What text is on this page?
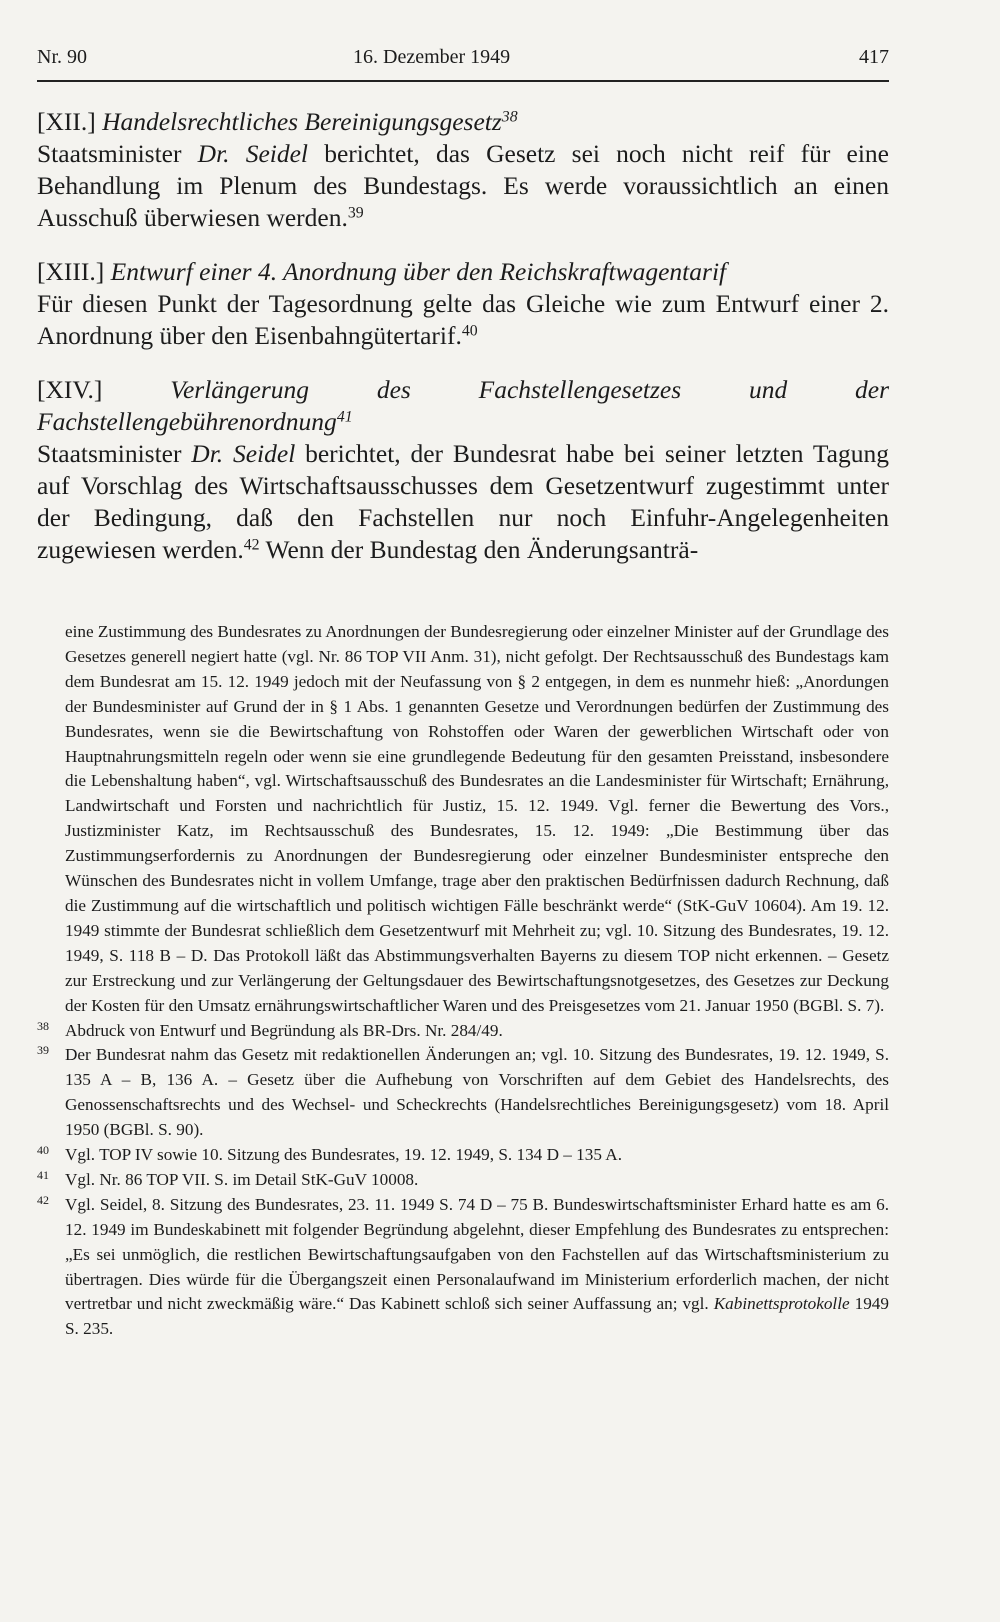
Nr. 90	16. Dezember 1949	417

[XII.] Handelsrechtliches Bereinigungsgesetz$^{38}$

Staatsminister Dr. Seidel berichtet, das Gesetz sei noch nicht reif für eine Behandlung im Plenum des Bundestags. Es werde voraussichtlich an einen Ausschuß überwiesen werden.$^{39}$

[XIII.] Entwurf einer 4. Anordnung über den Reichskraftwagentarif

Für diesen Punkt der Tagesordnung gelte das Gleiche wie zum Entwurf einer 2. Anordnung über den Eisenbahngütertarif.$^{40}$

[XIV.]	Verlängerung des Fachstellengesetzes und der Fachstellengebührenordnung$^{41}$

Staatsminister Dr. Seidel berichtet, der Bundesrat habe bei seiner letzten Tagung auf Vorschlag des Wirtschaftsausschusses dem Gesetzentwurf zugestimmt unter der Bedingung, daß den Fachstellen nur noch Einfuhr-Angelegenheiten zugewiesen werden.$^{42}$ Wenn der Bundestag den Änderungsanträ-

eine Zustimmung des Bundesrates zu Anordnungen der Bundesregierung oder einzelner Minister auf der Grundlage des Gesetzes generell negiert hatte (vgl. Nr. 86 TOP VII Anm. 31), nicht gefolgt. Der Rechtsausschuß des Bundestags kam dem Bundesrat am 15. 12. 1949 jedoch mit der Neufassung von § 2 entgegen, in dem es nunmehr hieß: „Anordungen der Bundesminister auf Grund der in § 1 Abs. 1 genannten Gesetze und Verordnungen bedürfen der Zustimmung des Bundesrates, wenn sie die Bewirtschaftung von Rohstoffen oder Waren der gewerblichen Wirtschaft oder von Hauptnahrungsmitteln regeln oder wenn sie eine grundlegende Bedeutung für den gesamten Preisstand, insbesondere die Lebenshaltung haben“, vgl. Wirtschaftsausschuß des Bundesrates an die Landesminister für Wirtschaft; Ernährung, Landwirtschaft und Forsten und nachrichtlich für Justiz, 15. 12. 1949. Vgl. ferner die Bewertung des Vors., Justizminister Katz, im Rechtsausschuß des Bundesrates, 15. 12. 1949: „Die Bestimmung über das Zustimmungserfordernis zu Anordnungen der Bundesregierung oder einzelner Bundesminister entspreche den Wünschen des Bundesrates nicht in vollem Umfange, trage aber den praktischen Bedürfnissen dadurch Rechnung, daß die Zustimmung auf die wirtschaftlich und politisch wichtigen Fälle beschränkt werde“ (StK-GuV 10604). Am 19. 12. 1949 stimmte der Bundesrat schließlich dem Gesetzentwurf mit Mehrheit zu; vgl. 10. Sitzung des Bundesrates, 19. 12. 1949, S. 118 B – D. Das Protokoll läßt das Abstimmungsverhalten Bayerns zu diesem TOP nicht erkennen. – Gesetz zur Erstreckung und zur Verlängerung der Geltungsdauer des Bewirtschaftungsnotgesetzes, des Gesetzes zur Deckung der Kosten für den Umsatz ernährungswirtschaftlicher Waren und des Preisgesetzes vom 21. Januar 1950 (BGBl. S. 7).

38 Abdruck von Entwurf und Begründung als BR-Drs. Nr. 284/49.

39 Der Bundesrat nahm das Gesetz mit redaktionellen Änderungen an; vgl. 10. Sitzung des Bundesrates, 19. 12. 1949, S. 135 A – B, 136 A. – Gesetz über die Aufhebung von Vorschriften auf dem Gebiet des Handelsrechts, des Genossenschaftsrechts und des Wechsel- und Scheckrechts (Handelsrechtliches Bereinigungsgesetz) vom 18. April 1950 (BGBl. S. 90).

40 Vgl. TOP IV sowie 10. Sitzung des Bundesrates, 19. 12. 1949, S. 134 D – 135 A.

41 Vgl. Nr. 86 TOP VII. S. im Detail StK-GuV 10008.

42 Vgl. Seidel, 8. Sitzung des Bundesrates, 23. 11. 1949 S. 74 D – 75 B. Bundeswirtschaftsminister Erhard hatte es am 6. 12. 1949 im Bundeskabinett mit folgender Begründung abgelehnt, dieser Empfehlung des Bundesrates zu entsprechen: „Es sei unmöglich, die restlichen Bewirtschaftungsaufgaben von den Fachstellen auf das Wirtschaftsministerium zu übertragen. Dies würde für die Übergangszeit einen Personalaufwand im Ministerium erforderlich machen, der nicht vertretbar und nicht zweckmäßig wäre.“ Das Kabinett schloß sich seiner Auffassung an; vgl. Kabinettsprotokolle 1949 S. 235.
